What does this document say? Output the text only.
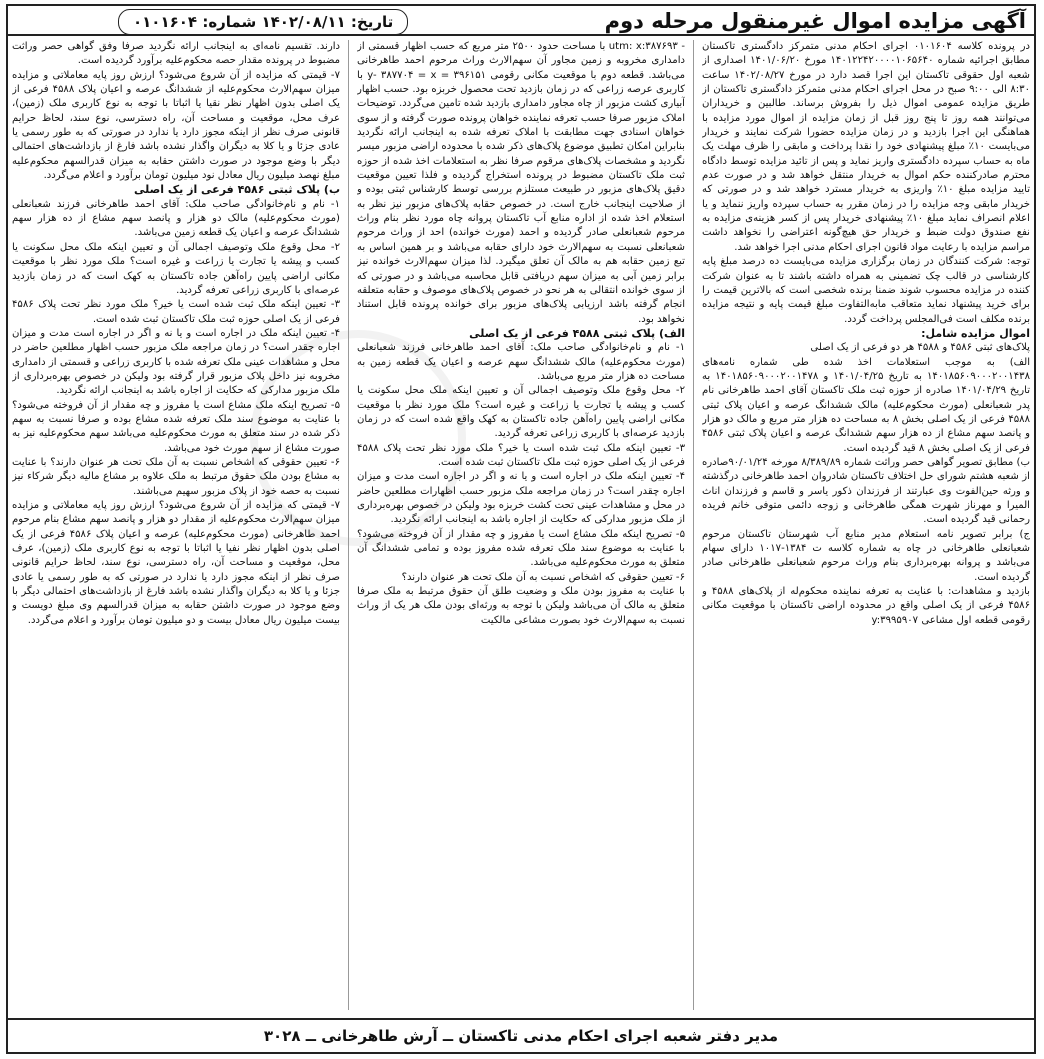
آگهی مزایده اموال غیرمنقول مرحله دوم
تاریخ: ۱۴۰۲/۰۸/۱۱ شماره: ۰۱۰۱۶۰۴

در پرونده کلاسه ۰۱۰۱۶۰۴ اجرای احکام مدنی متمرکز دادگستری تاکستان مطابق اجرائیه شماره ۱۴۰۱۲۲۴۲۰۰۰۰۱۰۶۵۶۴۰ مورخ ۱۴۰۱/۰۶/۲۰ اصداری از شعبه اول حقوقی تاکستان این اجرا قصد دارد در مورخ ۱۴۰۲/۰۸/۲۷ ساعت ۸:۳۰ الی ۹:۰۰ صبح در محل اجرای احکام مدنی متمرکز دادگستری تاکستان از طریق مزایده عمومی اموال ذیل را بفروش برساند. طالبین و خریداران می‌توانند همه روز تا پنج روز قبل از زمان مزایده از اموال مورد مزایده با هماهنگی این اجرا بازدید و در زمان مزایده حضورا شرکت نمایند و خریدار می‌بایست ۱۰٪ مبلغ پیشنهادی خود را نقدا پرداخت و مابقی را ظرف مهلت یک ماه به حساب سپرده دادگستری واریز نماید و پس از تائید مزایده توسط دادگاه محترم صادرکننده حکم اموال به خریدار منتقل خواهد شد و در صورت عدم تایید مزایده مبلغ ۱۰٪ واریزی به خریدار مسترد خواهد شد و در صورتی که خریدار مابقی وجه مزایده را در زمان مقرر به حساب سپرده واریز ننماید و یا اعلام انصراف نماید مبلغ ۱۰٪ پیشنهادی خریدار پس از کسر هزینه‌ی مزایده به نفع صندوق دولت ضبط و خریدار حق هیچ‌گونه اعتراضی را نخواهد داشت مراسم مزایده با رعایت مواد قانون اجرای احکام مدنی اجرا خواهد شد.

توجه: شرکت کنندگان در زمان برگزاری مزایده می‌بایست ده درصد مبلغ پایه کارشناسی در قالب چک تضمینی به همراه داشته باشند تا به عنوان شرکت کننده در مزایده محسوب شوند ضمنا برنده شخصی است که بالاترین قیمت را برای خرید پیشنهاد نماید متعاقب مابه‌التفاوت مبلغ قیمت پایه و نتیجه مزایده برنده مکلف است فی‌المجلس پرداخت گردد.

اموال مزایده شامل:

پلاک‌های ثبتی ۴۵۸۶ و ۴۵۸۸ هر دو فرعی از یک اصلی

الف) به موجب استعلامات اخذ شده طی شماره نامه‌های ۱۴۰۱۸۵۶۰۹۰۰۰۲۰۰۱۴۳۸ به تاریخ ۱۴۰۱/۰۴/۲۵ و ۱۴۰۱۸۵۶۰۹۰۰۰۲۰۰۱۴۷۸ به تاریخ ۱۴۰۱/۰۴/۲۹ صادره از حوزه ثبت ملک تاکستان آقای احمد طاهرخانی نام پدر شعبانعلی (مورث محکوم‌علیه) مالک ششدانگ عرصه و اعیان پلاک ثبتی ۴۵۸۸ فرعی از یک اصلی بخش ۸ به مساحت ده هزار متر مربع و مالک دو هزار و پانصد سهم مشاع از ده هزار سهم ششدانگ عرصه و اعیان پلاک ثبتی ۴۵۸۶ فرعی از یک اصلی بخش ۸ قید گردیده است.

ب) مطابق تصویر گواهی حصر وراثت شماره ۸/۳۸۹/۸۹ مورخه ۹۰/۰۱/۲۴صادره از شعبه هشتم شورای حل اختلاف تاکستان شادروان احمد طاهرخانی درگذشته و ورثه حین‌الفوت وی عبارتند از فرزندان ذکور یاسر و قاسم و فرزندان اناث المیرا و مهرناز شهرت همگی طاهرخانی و زوجه دائمی متوفی خانم فریده رحمانی قید گردیده است.

ج) برابر تصویر نامه استعلام مدیر منابع آب شهرستان تاکستان مرحوم شعبانعلی طاهرخانی در چاه به شماره کلاسه ت ۱۳۸۴-۱۰۱۷ دارای سهام می‌باشد و پروانه بهره‌برداری بنام وراث مرحوم شعبانعلی طاهرخانی صادر گردیده است.

بازدید و مشاهدات: با عنایت به تعرفه نماینده محکوم‌له از پلاک‌های ۴۵۸۸ و ۴۵۸۶ فرعی از یک اصلی واقع در محدوده اراضی تاکستان با موقعیت مکانی رقومی قطعه اول مشاعی y:۳۹۹۵۹۰۷

- utm: x:۳۸۷۶۹۳ با مساحت حدود ۲۵۰۰ متر مربع که حسب اظهار قسمتی از دامداری مخروبه و زمین مجاور آن سهم‌الارث وراث مرحوم احمد طاهرخانی می‌باشد. قطعه دوم با موقعیت مکانی رقومی ۳۹۶۱۵۱ = y- ۳۸۷۷۰۴ = x با کاربری عرصه زراعی که در زمان بازدید تحت محصول خربزه بود. حسب اظهار آبیاری کشت مزبور از چاه مجاور دامداری بازدید شده تامین می‌گردد. توضیحات املاک مزبور صرفا حسب تعرفه نماینده خواهان پرونده صورت گرفته و از سوی خواهان اسنادی جهت مطابقت با املاک تعرفه شده به اینجانب ارائه نگردید بنابراین امکان تطبیق موضوع پلاک‌های ذکر شده با محدوده اراضی مزبور میسر نگردید و مشخصات پلاک‌های مرقوم صرفا نظر به استعلامات اخذ شده از حوزه ثبت ملک تاکستان مضبوط در پرونده استخراج گردیده و فلذا تعیین موقعیت دقیق پلاک‌های مزبور در طبیعت مستلزم بررسی توسط کارشناس ثبتی بوده و از صلاحیت اینجانب خارج است. در خصوص حقابه پلاک‌های مزبور نیز نظر به استعلام اخذ شده از اداره منابع آب تاکستان پروانه چاه مورد نظر بنام وراث مرحوم شعبانعلی صادر گردیده و احمد (مورث خوانده) احد از وراث مرحوم شعبانعلی نسبت به سهم‌الارث خود دارای حقابه می‌باشد و بر همین اساس به تبع زمین حقابه هم به مالک آن تعلق میگیرد. لذا میزان سهم‌الارث خوانده نیز برابر زمین آبی به میزان سهم دریافتی قابل محاسبه می‌باشد و در صورتی که از سوی خوانده انتقالی به هر نحو در خصوص پلاک‌های موصوف و حقابه متعلقه انجام گرفته باشد ارزیابی پلاک‌های مزبور برای خوانده پرونده قابل استناد نخواهد بود.

الف) پلاک ثبتی ۴۵۸۸ فرعی از یک اصلی

۱- نام و نام‌خانوادگی صاحب ملک: آقای احمد طاهرخانی فرزند شعبانعلی (مورث محکوم‌علیه) مالک ششدانگ سهم عرصه و اعیان یک قطعه زمین به مساحت ده هزار متر مربع می‌باشد.

۲- محل وقوع ملک وتوصیف اجمالی آن و تعیین اینکه ملک محل سکونت یا کسب و پیشه یا تجارت یا زراعت و غیره است؟ ملک مورد نظر با موقعیت مکانی اراضی پایین راه‌آهن جاده تاکستان به کهک واقع شده است که در زمان بازدید عرصه‌ای با کاربری زراعی تعرفه گردید.

۳- تعیین اینکه ملک ثبت شده است یا خیر؟ ملک مورد نظر تحت پلاک ۴۵۸۸ فرعی از یک اصلی حوزه ثبت ملک تاکستان ثبت شده است.

۴- تعیین اینکه ملک در اجاره است و یا نه و اگر در اجاره است مدت و میزان اجاره چقدر است؟ در زمان مراجعه ملک مزبور حسب اظهارات مطلعین حاضر در محل و مشاهدات عینی تحت کشت خربزه بود ولیکن در خصوص بهره‌برداری از ملک مزبور مدارکی که حکایت از اجاره باشد به اینجانب ارائه نگردید.

۵- تصریح اینکه ملک مشاع است یا مفروز و چه مقدار از آن فروخته می‌شود؟ با عنایت به موضوع سند ملک تعرفه شده مفروز بوده و تمامی ششدانگ آن متعلق به مورث محکوم‌علیه می‌باشد.

۶- تعیین حقوقی که اشخاص نسبت به آن ملک تحت هر عنوان دارند؟

با عنایت به مفروز بودن ملک و وضعیت طلق آن حقوق مرتبط به ملک صرفا متعلق به مالک آن می‌باشد ولیکن با توجه به ورثه‌ای بودن ملک هر یک از وراث نسبت به سهم‌الارث خود بصورت مشاعی مالکیت

دارند. تقسیم نامه‌ای به اینجانب ارائه نگردید صرفا وفق گواهی حصر وراثت مضبوط در پرونده مقدار حصه محکوم‌علیه برآورد گردیده است.

۷- قیمتی که مزایده از آن شروع می‌شود؟ ارزش روز پایه معاملاتی و مزایده میزان سهم‌الارث محکوم‌علیه از ششدانگ عرصه و اعیان پلاک ۴۵۸۸ فرعی از یک اصلی بدون اظهار نظر نقیا یا اثباتا با توجه به نوع کاربری ملک (زمین)، عرف محل، موقعیت و مساحت آن، راه دسترسی، نوع سند، لحاظ حرایم قانونی صرف نظر از اینکه مجوز دارد یا ندارد در صورتی که به طور رسمی یا عادی جزئا و یا کلا به دیگران واگذار نشده باشد فارغ از بازداشت‌های احتمالی دیگر با وضع موجود در صورت داشتن حقابه به میزان قدرالسهم محکوم‌علیه مبلغ نهصد میلیون ریال معادل نود میلیون تومان برآورد و اعلام می‌گردد.

ب) پلاک ثبتی ۴۵۸۶ فرعی از یک اصلی

۱- نام و نام‌خانوادگی صاحب ملک: آقای احمد طاهرخانی فرزند شعبانعلی (مورث محکوم‌علیه) مالک دو هزار و پانصد سهم مشاع از ده هزار سهم ششدانگ عرصه و اعیان یک قطعه زمین می‌باشد.

۲- محل وقوع ملک وتوصیف اجمالی آن و تعیین اینکه ملک محل سکونت یا کسب و پیشه یا تجارت یا زراعت و غیره است؟ ملک مورد نظر با موقعیت مکانی اراضی پایین راه‌آهن جاده تاکستان به کهک است که در زمان بازدید عرصه‌ای با کاربری زراعی تعرفه گردید.

۳- تعیین اینکه ملک ثبت شده است یا خیر؟ ملک مورد نظر تحت پلاک ۴۵۸۶ فرعی از یک اصلی حوزه ثبت ملک تاکستان ثبت شده است.

۴- تعیین اینکه ملک در اجاره است و یا نه و اگر در اجاره است مدت و میزان اجاره چقدر است؟ در زمان مراجعه ملک مزبور حسب اظهار مطلعین حاضر در محل و مشاهدات عینی ملک تعرفه شده با کاربری زراعی و قسمتی از دامداری مخروبه نیز داخل پلاک مزبور قرار گرفته بود ولیکن در خصوص بهره‌برداری از ملک مزبور مدارکی که حکایت از اجاره باشد به اینجانب ارائه نگردید.

۵- تصریح اینکه ملک مشاع است یا مفروز و چه مقدار از آن فروخته می‌شود؟ با عنایت به موضوع سند ملک تعرفه شده مشاع بوده و صرفا نسبت به سهم ذکر شده در سند متعلق به مورث محکوم‌علیه می‌باشد سهم محکوم‌علیه نیز به صورت مشاع از سهم مورث خود می‌باشد.

۶- تعیین حقوقی که اشخاص نسبت به آن ملک تحت هر عنوان دارند؟ با عنایت به مشاع بودن ملک حقوق مرتبط به ملک علاوه بر مشاع مالیه دیگر شرکاء نیز نسبت به حصه خود از پلاک مزبور سهیم می‌باشند.

۷- قیمتی که مزایده از آن شروع می‌شود؟ ارزش روز پایه معاملاتی و مزایده میزان سهم‌الارث محکوم‌علیه از مقدار دو هزار و پانصد سهم مشاع بنام مرحوم احمد طاهرخانی (مورث محکوم‌علیه) عرصه و اعیان پلاک ۴۵۸۶ فرعی از یک اصلی بدون اظهار نظر نفیا یا اثباتا با توجه به نوع کاربری ملک (زمین)، عرف محل، موقعیت و مساحت آن، راه دسترسی، نوع سند، لحاظ حرایم قانونی صرف نظر از اینکه مجوز دارد یا ندارد در صورتی که به طور رسمی یا عادی جزئا و یا کلا به دیگران واگذار نشده باشد فارغ از بازداشت‌های احتمالی دیگر با وضع موجود در صورت داشتن حقابه به میزان قدرالسهم وی مبلغ دویست و بیست میلیون ریال معادل بیست و دو میلیون تومان برآورد و اعلام می‌گردد.

مدیر دفتر شعبه اجرای احکام مدنی تاکستان ــ آرش طاهرخانی ــ ۳۰۲۸
